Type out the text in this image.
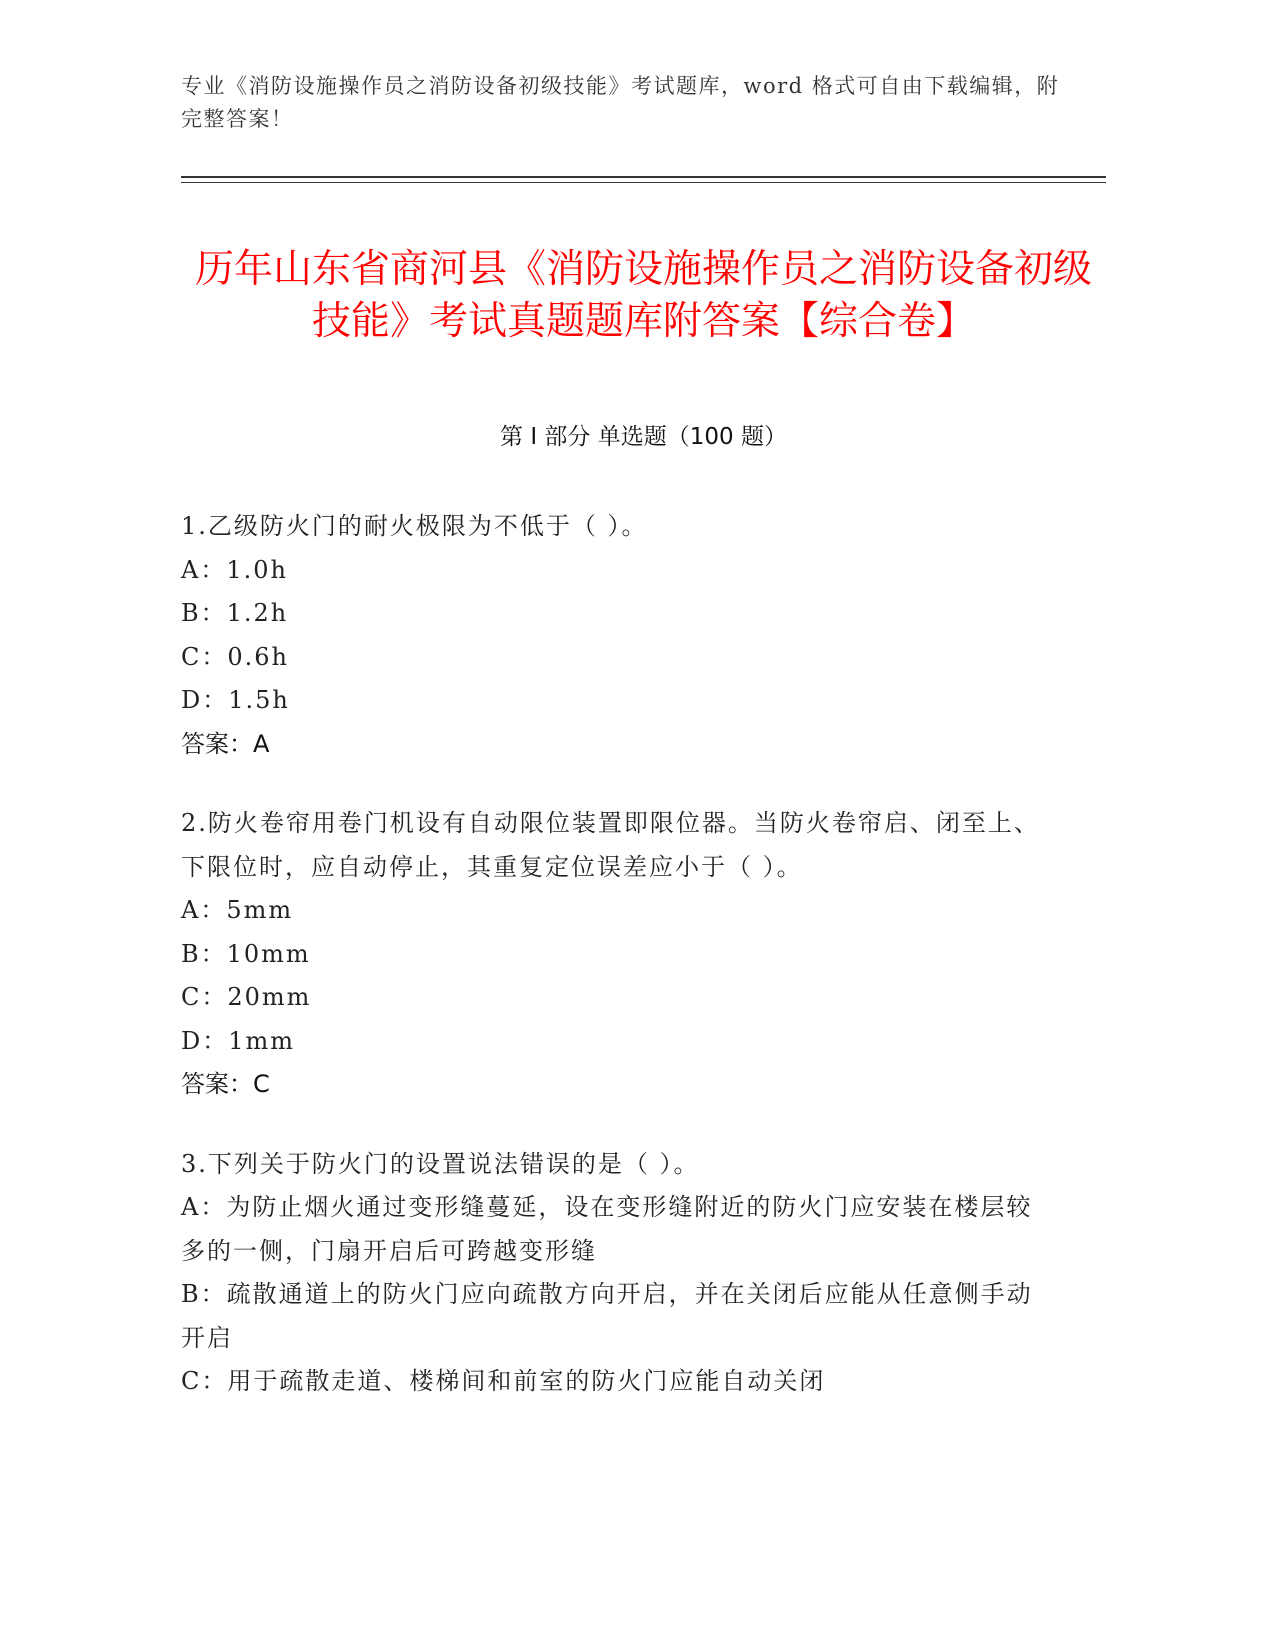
专业《消防设施操作员之消防设备初级技能》考试题库，word 格式可自由下载编辑，附完整答案！
历年山东省商河县《消防设施操作员之消防设备初级技能》考试真题题库附答案【综合卷】
第 I 部分 单选题（100 题）
1.乙级防火门的耐火极限为不低于（ ）。
A：1.0h
B：1.2h
C：0.6h
D：1.5h
答案：A
2.防火卷帘用卷门机设有自动限位装置即限位器。当防火卷帘启、闭至上、下限位时，应自动停止，其重复定位误差应小于（ ）。
A：5mm
B：10mm
C：20mm
D：1mm
答案：C
3.下列关于防火门的设置说法错误的是（ ）。
A：为防止烟火通过变形缝蔓延，设在变形缝附近的防火门应安装在楼层较多的一侧，门扇开启后可跨越变形缝
B：疏散通道上的防火门应向疏散方向开启，并在关闭后应能从任意侧手动开启
C：用于疏散走道、楼梯间和前室的防火门应能自动关闭
